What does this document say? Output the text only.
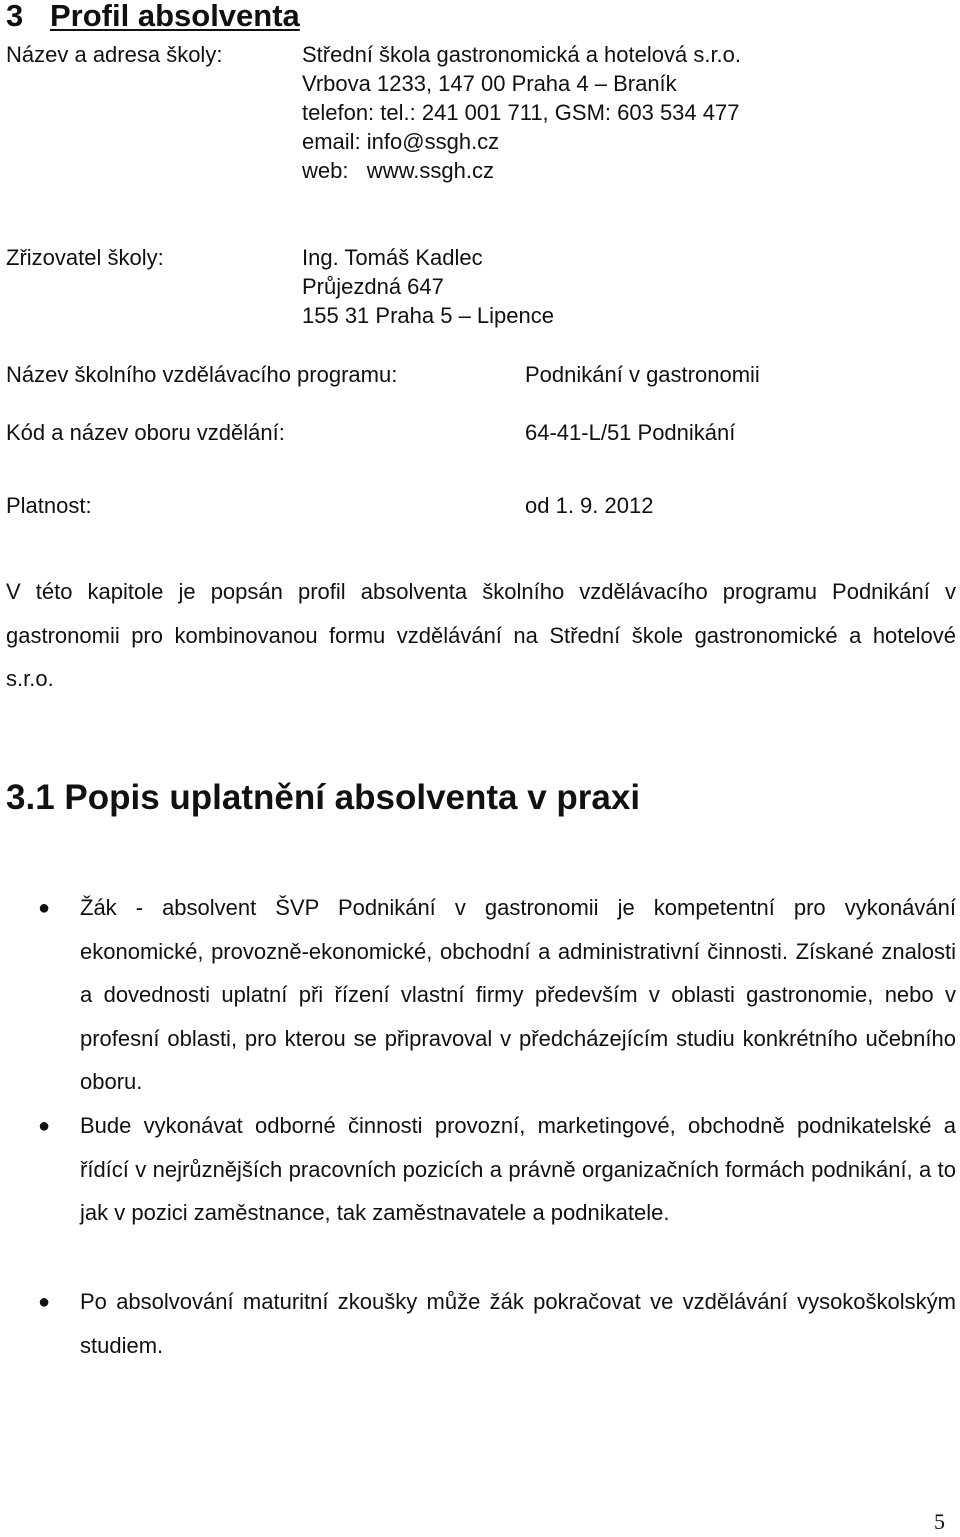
3 Profil absolventa
Název a adresa školy:	Střední škola gastronomická a hotelová s.r.o.
Vrbova 1233, 147 00 Praha 4 – Braník
telefon: tel.: 241 001 711, GSM: 603 534 477
email: info@ssgh.cz
web:   www.ssgh.cz
Zřizovatel školy:	Ing. Tomáš Kadlec
Průjezdná 647
155 31 Praha 5 – Lipence
Název školního vzdělávacího programu:	Podnikání v gastronomii
Kód a název oboru vzdělání:	64-41-L/51 Podnikání
Platnost:	od 1. 9. 2012
V této kapitole je popsán profil absolventa školního vzdělávacího programu Podnikání v gastronomii pro kombinovanou formu vzdělávání na Střední škole gastronomické a hotelové s.r.o.
3.1 Popis uplatnění absolventa v praxi
● Žák - absolvent ŠVP Podnikání v gastronomii je kompetentní pro vykonávání ekonomické, provozně-ekonomické, obchodní a administrativní činnosti. Získané znalosti a dovednosti uplatní při řízení vlastní firmy především v oblasti gastronomie, nebo v profesní oblasti, pro kterou se připravoval v předcházejícím studiu konkrétního učebního oboru.
● Bude vykonávat odborné činnosti provozní, marketingové, obchodně podnikatelské a řídící v nejrůznějších pracovních pozicích a právně organizačních formách podnikání, a to jak v pozici zaměstnance, tak zaměstnavatele a podnikatele.
● Po absolvování maturitní zkoušky může žák pokračovat ve vzdělávání vysokoškolským studiem.
5
